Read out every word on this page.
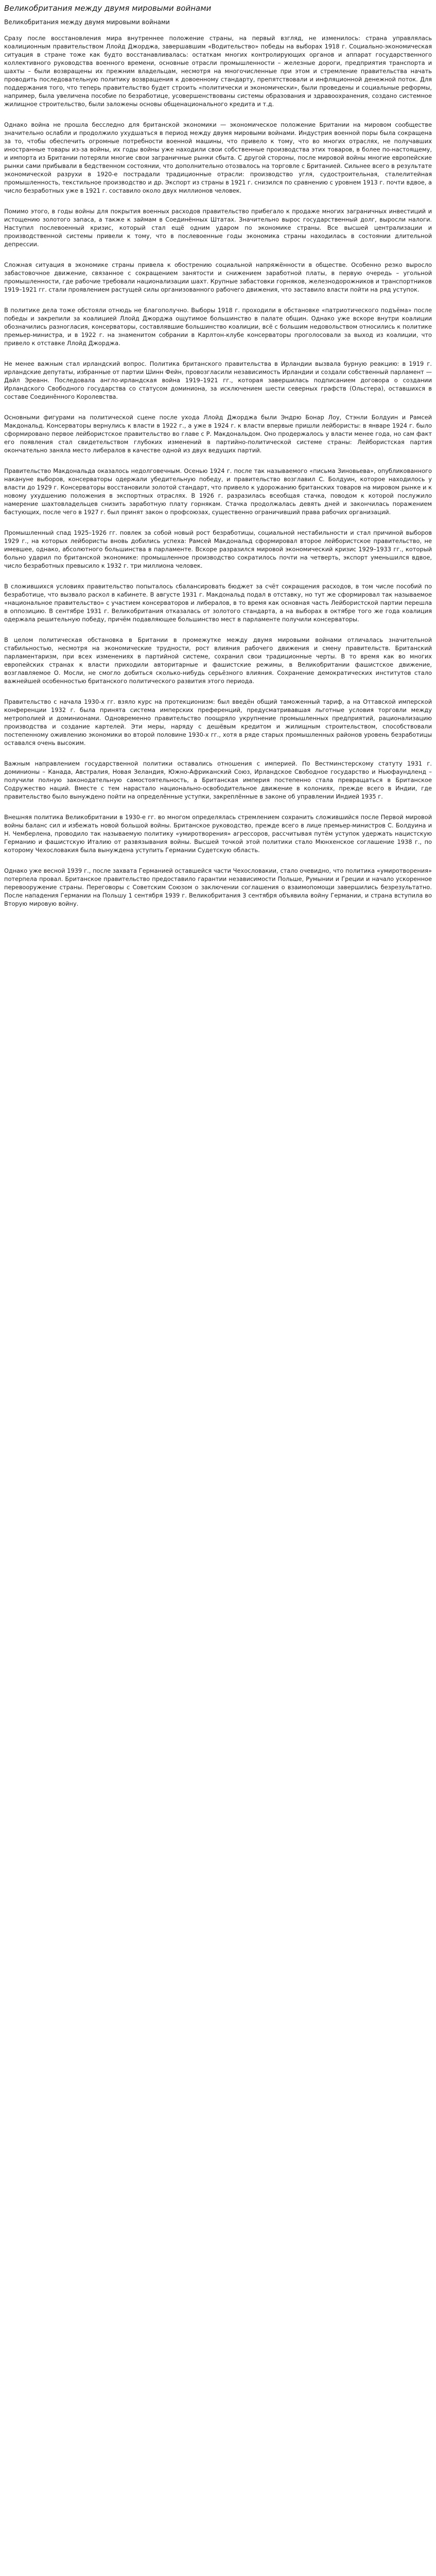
Великобритания между двумя мировыми войнами
Великобритания между двумя мировыми войнами

Сразу после восстановления мира внутреннее положение страны, на первый взгляд, не изменилось: страна управлялась коалиционным правительством Ллойд Джорджа, завершавшим «Водительство» победы на выборах 1918 г. Социально-экономическая ситуация в стране тоже как будто восстанавливалась: остаткам многих контролирующих органов и аппарат государственного коллективного руководства военного времени, основные отрасли промышленности – железные дороги, предприятия транспорта и шахты – были возвращены их прежним владельцам, несмотря на многочисленные при этом и стремление правительства начать проводить последовательную политику возвращения к довоенному стандарту, препятствовали и инфляционной денежной поток. Для поддержания того, что теперь правительство будет строить «политически и экономически», были проведены и социальные реформы, например, была увеличена пособие по безработице, усовершенствованы системы образования и здравоохранения, создано системное жилищное строительство, были заложены основы общенационального кредита и т.д.

Однако война не прошла бесследно для британской экономики — экономическое положение Британии на мировом сообществе значительно ослабли и продолжило ухудшаться в период между двумя мировыми войнами. Индустрия военной поры была сокращена за то, чтобы обеспечить огромные потребности военной машины, что привело к тому, что во многих отраслях, не получавших иностранные товары из-за войны, их годы войны уже находили свои собственные производства этих товаров, в более по-настоящему, и импорта из Британии потеряли многие свои заграничные рынки сбыта. С другой стороны, после мировой войны многие европейские рынки сами прибывали в бедственном состоянии, что дополнительно отозвалось на торговле с Британией. Сильнее всего в результате экономической разрухи в 1920-е пострадали традиционные отрасли: производство угля, судостроительная, сталелитейная промышленность, текстильное производство и др. Экспорт из страны в 1921 г. снизился по сравнению с уровнем 1913 г. почти вдвое, а число безработных уже в 1921 г. составило около двух миллионов человек.

Помимо этого, в годы войны для покрытия военных расходов правительство прибегало к продаже многих заграничных инвестиций и истощению золотого запаса, а также к займам в Соединённых Штатах. Значительно вырос государственный долг, выросли налоги. Наступил послевоенный кризис, который стал ещё одним ударом по экономике страны. Все высшей централизации и производственной системы привели к тому, что в послевоенные годы экономика страны находилась в состоянии длительной депрессии.

Сложная ситуация в экономике страны привела к обострению социальной напряжённости в обществе. Особенно резко выросло забастовочное движение, связанное с сокращением занятости и снижением заработной платы, в первую очередь – угольной промышленности, где рабочие требовали национализации шахт. Крупные забастовки горняков, железнодорожников и транспортников 1919–1921 гг. стали проявлением растущей силы организованного рабочего движения, что заставило власти пойти на ряд уступок.

В политике дела тоже обстояли отнюдь не благополучно. Выборы 1918 г. проходили в обстановке «патриотического подъёма» после победы и закрепили за коалицией Ллойд Джорджа ощутимое большинство в палате общин. Однако уже вскоре внутри коалиции обозначились разногласия, консерваторы, составлявшие большинство коалиции, всё с большим недовольством относились к политике премьер-министра, и в 1922 г. на знаменитом собрании в Карлтон-клубе консерваторы проголосовали за выход из коалиции, что привело к отставке Ллойд Джорджа.

Не менее важным стал ирландский вопрос. Политика британского правительства в Ирландии вызвала бурную реакцию: в 1919 г. ирландские депутаты, избранные от партии Шинн Фейн, провозгласили независимость Ирландии и создали собственный парламент — Дайл Эреанн. Последовала англо-ирландская война 1919–1921 гг., которая завершилась подписанием договора о создании Ирландского Свободного государства со статусом доминиона, за исключением шести северных графств (Ольстера), оставшихся в составе Соединённого Королевства.

Основными фигурами на политической сцене после ухода Ллойд Джорджа были Эндрю Бонар Лоу, Стэнли Болдуин и Рамсей Макдональд. Консерваторы вернулись к власти в 1922 г., а уже в 1924 г. к власти впервые пришли лейбористы: в январе 1924 г. было сформировано первое лейбористское правительство во главе с Р. Макдональдом. Оно продержалось у власти менее года, но сам факт его появления стал свидетельством глубоких изменений в партийно-политической системе страны: Лейбористская партия окончательно заняла место либералов в качестве одной из двух ведущих партий.

Правительство Макдональда оказалось недолговечным. Осенью 1924 г. после так называемого «письма Зиновьева», опубликованного накануне выборов, консерваторы одержали убедительную победу, и правительство возглавил С. Болдуин, которое находилось у власти до 1929 г. Консерваторы восстановили золотой стандарт, что привело к удорожанию британских товаров на мировом рынке и к новому ухудшению положения в экспортных отраслях. В 1926 г. разразилась всеобщая стачка, поводом к которой послужило намерение шахтовладельцев снизить заработную плату горнякам. Стачка продолжалась девять дней и закончилась поражением бастующих, после чего в 1927 г. был принят закон о профсоюзах, существенно ограничивший права рабочих организаций.

Промышленный спад 1925–1926 гг. повлек за собой новый рост безработицы, социальной нестабильности и стал причиной выборов 1929 г., на которых лейбористы вновь добились успеха: Рамсей Макдональд сформировал второе лейбористское правительство, не имевшее, однако, абсолютного большинства в парламенте. Вскоре разразился мировой экономический кризис 1929–1933 гг., который больно ударил по британской экономике: промышленное производство сократилось почти на четверть, экспорт уменьшился вдвое, число безработных превысило к 1932 г. три миллиона человек.

В сложившихся условиях правительство попыталось сбалансировать бюджет за счёт сокращения расходов, в том числе пособий по безработице, что вызвало раскол в кабинете. В августе 1931 г. Макдональд подал в отставку, но тут же сформировал так называемое «национальное правительство» с участием консерваторов и либералов, в то время как основная часть Лейбористской партии перешла в оппозицию. В сентябре 1931 г. Великобритания отказалась от золотого стандарта, а на выборах в октябре того же года коалиция одержала решительную победу, причём подавляющее большинство мест в парламенте получили консерваторы.

В целом политическая обстановка в Британии в промежутке между двумя мировыми войнами отличалась значительной стабильностью, несмотря на экономические трудности, рост влияния рабочего движения и смену правительств. Британский парламентаризм, при всех изменениях в партийной системе, сохранил свои традиционные черты. В то время как во многих европейских странах к власти приходили авторитарные и фашистские режимы, в Великобритании фашистское движение, возглавляемое О. Мосли, не смогло добиться сколько-нибудь серьёзного влияния. Сохранение демократических институтов стало важнейшей особенностью британского политического развития этого периода.

Правительство с начала 1930-х гг. взяло курс на протекционизм: был введён общий таможенный тариф, а на Оттавской имперской конференции 1932 г. была принята система имперских преференций, предусматривавшая льготные условия торговли между метрополией и доминионами. Одновременно правительство поощряло укрупнение промышленных предприятий, рационализацию производства и создание картелей. Эти меры, наряду с дешёвым кредитом и жилищным строительством, способствовали постепенному оживлению экономики во второй половине 1930-х гг., хотя в ряде старых промышленных районов уровень безработицы оставался очень высоким.

Важным направлением государственной политики оставались отношения с империей. По Вестминстерскому статуту 1931 г. доминионы – Канада, Австралия, Новая Зеландия, Южно-Африканский Союз, Ирландское Свободное государство и Ньюфаундленд – получили полную законодательную самостоятельность, а Британская империя постепенно стала превращаться в Британское Содружество наций. Вместе с тем нарастало национально-освободительное движение в колониях, прежде всего в Индии, где правительство было вынуждено пойти на определённые уступки, закреплённые в законе об управлении Индией 1935 г.

Внешняя политика Великобритании в 1930-е гг. во многом определялась стремлением сохранить сложившийся после Первой мировой войны баланс сил и избежать новой большой войны. Британское руководство, прежде всего в лице премьер-министров С. Болдуина и Н. Чемберлена, проводило так называемую политику «умиротворения» агрессоров, рассчитывая путём уступок удержать нацистскую Германию и фашистскую Италию от развязывания войны. Высшей точкой этой политики стало Мюнхенское соглашение 1938 г., по которому Чехословакия была вынуждена уступить Германии Судетскую область.

Однако уже весной 1939 г., после захвата Германией оставшейся части Чехословакии, стало очевидно, что политика «умиротворения» потерпела провал. Британское правительство предоставило гарантии независимости Польше, Румынии и Греции и начало ускоренное перевооружение страны. Переговоры с Советским Союзом о заключении соглашения о взаимопомощи завершились безрезультатно. После нападения Германии на Польшу 1 сентября 1939 г. Великобритания 3 сентября объявила войну Германии, и страна вступила во Вторую мировую войну.
